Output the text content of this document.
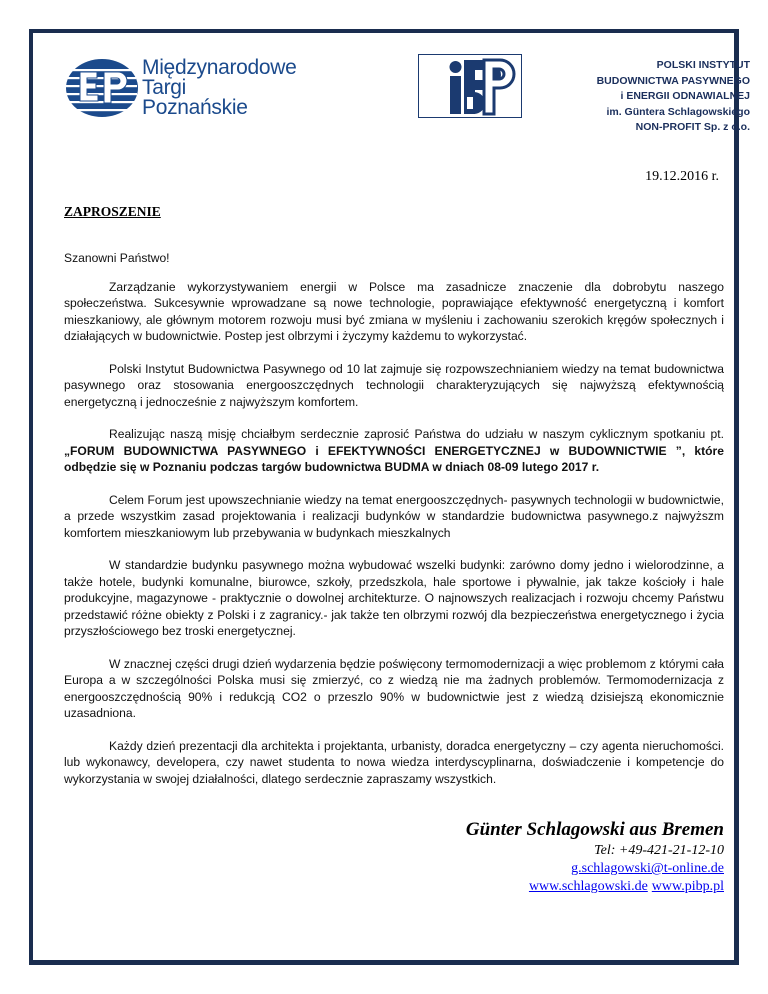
Międzynarodowe
Targi
Poznańskie
POLSKI INSTYTUT
BUDOWNICTWA PASYWNEGO
i ENERGII ODNAWIALNEJ
im. Güntera Schlagowskiego
NON-PROFIT Sp. z o.o.
19.12.2016 r.
ZAPROSZENIE

Szanowni Państwo!

Zarządzanie wykorzystywaniem energii w Polsce ma zasadnicze znaczenie dla dobrobytu naszego społeczeństwa. Sukcesywnie wprowadzane są nowe technologie, poprawiające efektywność energetyczną i komfort mieszkaniowy, ale głównym motorem rozwoju musi być zmiana w myśleniu i zachowaniu szerokich kręgów społecznych i działających w budownictwie. Postep jest olbrzymi i życzymy każdemu to wykorzystać.

Polski Instytut Budownictwa Pasywnego od 10 lat zajmuje się rozpowszechnianiem wiedzy na temat budownictwa pasywnego oraz stosowania energooszczędnych technologii charakteryzujących się najwyższą efektywnością energetyczną i jednocześnie z najwyższym komfortem.

Realizując naszą misję chciałbym serdecznie zaprosić Państwa do udziału w naszym cyklicznym spotkaniu pt. „FORUM BUDOWNICTWA PASYWNEGO i EFEKTYWNOŚCI ENERGETYCZNEJ w BUDOWNICTWIE ”, które odbędzie się w Poznaniu podczas targów budownictwa BUDMA w dniach 08-09 lutego 2017 r.

Celem Forum jest upowszechnianie wiedzy na temat energooszczędnych- pasywnych technologii w budownictwie, a przede wszystkim zasad projektowania i realizacji budynków w standardzie budownictwa pasywnego.z najwyższm komfortem mieszkaniowym lub przebywania w budynkach mieszkalnych

W standardzie budynku pasywnego można wybudować wszelki budynki: zarówno domy jedno i wielorodzinne, a także hotele, budynki komunalne, biurowce, szkoły, przedszkola, hale sportowe i pływalnie, jak takze kościoły i hale produkcyjne, magazynowe - praktycznie o dowolnej architekturze. O najnowszych realizacjach i rozwoju chcemy Państwu przedstawić różne obiekty z Polski i z zagranicy.- jak także ten olbrzymi rozwój dla bezpieczeństwa energetycznego i życia przyszłościowego bez troski energetycznej.

W znacznej części drugi dzień wydarzenia będzie poświęcony termomodernizacji a więc problemom z którymi cała Europa a w szczególności Polska musi się zmierzyć, co z wiedzą nie ma żadnych problemów. Termomodernizacja z energooszczędnością 90% i redukcją CO2 o przeszlo 90% w budownictwie jest z wiedzą dzisiejszą ekonomicznie uzasadniona.

Każdy dzień prezentacji dla architekta i projektanta, urbanisty, doradca energetyczny – czy agenta nieruchomości. lub wykonawcy, developera, czy nawet studenta to nowa wiedza interdyscyplinarna, doświadczenie i kompetencje do wykorzystania w swojej działalności, dlatego serdecznie zapraszamy wszystkich.

Günter Schlagowski aus Bremen
Tel: +49-421-21-12-10
g.schlagowski@t-online.de
www.schlagowski.de www.pibp.pl
